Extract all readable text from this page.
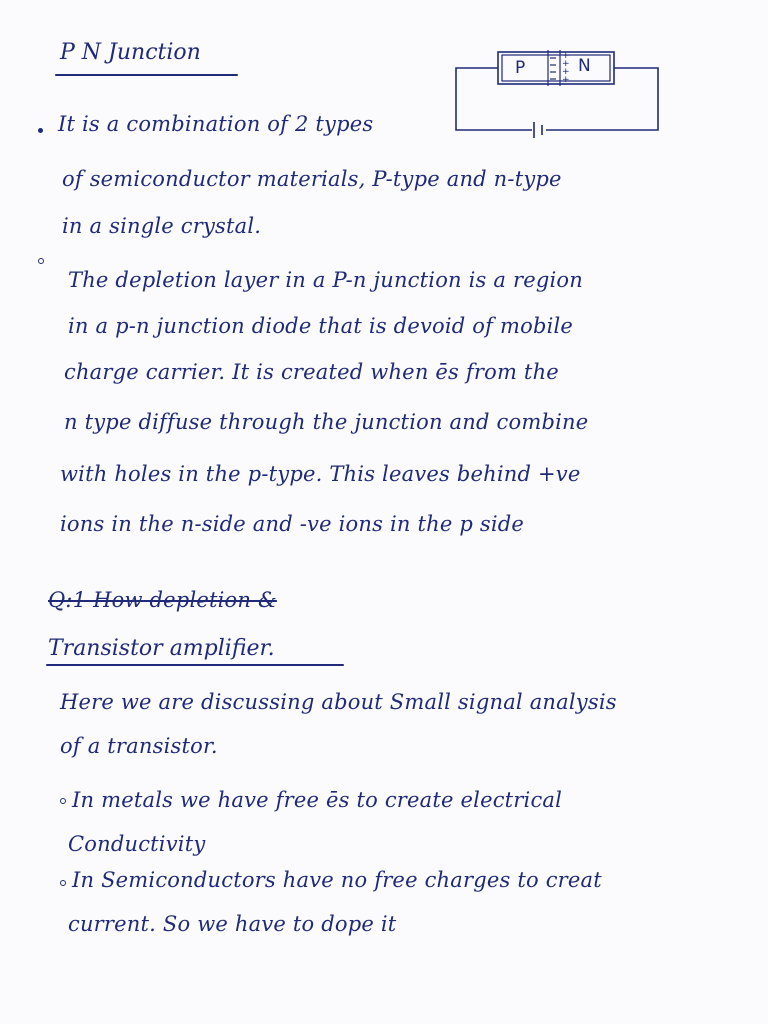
P N Junction	+
+
+
+
P	N
It is a combination of 2 types
of semiconductor materials, P-type and n-type
in a single crystal.
The depletion layer in a P-n junction is a region
in a p-n junction diode that is devoid of mobile
charge carrier. It is created when ēs from the
n type diffuse through the junction and combine
with holes in the p-type. This leaves behind +ve
ions in the n-side and -ve ions in the p side
Q:1 How depletion &
Transistor amplifier.
Here we are discussing about Small signal analysis
of a transistor.
In metals we have free ēs to create electrical
Conductivity
In Semiconductors have no free charges to creat
current. So we have to dope it
